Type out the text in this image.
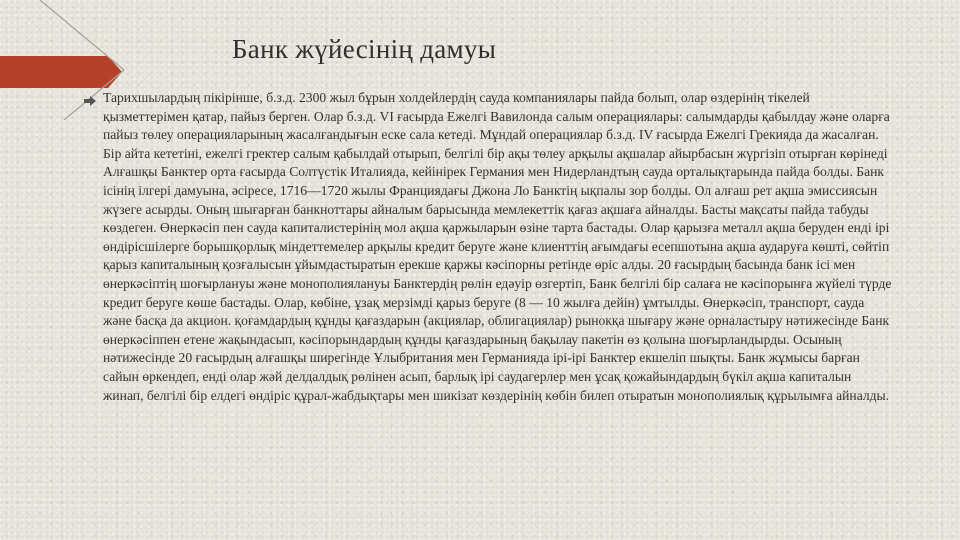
Банк жүйесінің дамуы

Тарихшылардың пікірінше, б.з.д. 2300 жыл бұрын холдейлердің сауда компаниялары пайда болып, олар өздерінің тікелей қызметтерімен қатар, пайыз берген. Олар б.з.д. VI ғасырда Ежелгі Вавилонда салым операциялары: салымдарды қабылдау және оларға пайыз төлеу операцияларының жасалғандығын еске сала кетеді. Мұндай операциялар б.з.д. IV ғасырда Ежелгі Грекияда да жасалған. Бір айта кететіні, ежелгі гректер салым қабылдай отырып, белгілі бір ақы төлеу арқылы ақшалар айырбасын жүргізіп отырған көрінеді Алғашқы Банктер орта ғасырда Солтүстік Италияда, кейінірек Германия мен Нидерландтың сауда орталықтарында пайда болды. Банк ісінің ілгері дамуына, әсіресе, 1716—1720 жылы Франциядағы Джона Ло Банктің ықпалы зор болды. Ол алғаш рет ақша эмиссиясын жүзеге асырды. Оның шығарған банкноттары айналым барысында мемлекеттік қағаз ақшаға айналды. Басты мақсаты пайда табуды көздеген. Өнеркәсіп пен сауда капиталистерінің мол ақша қаржыларын өзіне тарта бастады. Олар қарызға металл ақша беруден енді ірі өндірісшілерге борышқорлық міндеттемелер арқылы кредит беруге және клиенттің ағымдағы есепшотына ақша аударуға көшті, сөйтіп қарыз капиталының қозғалысын ұйымдастыратын ерекше қаржы кәсіпорны ретінде өріс алды. 20 ғасырдың басында банк ісі мен өнеркәсіптің шоғырлануы және монополиялануы Банктердің рөлін едәуір өзгертіп, Банк белгілі бір салаға не кәсіпорынға жүйелі түрде кредит беруге көше бастады. Олар, көбіне, ұзақ мерзімді қарыз беруге (8 — 10 жылға дейін) ұмтылды. Өнеркәсіп, транспорт, сауда және басқа да акцион. қоғамдардың құнды қағаздарын (акциялар, облигациялар) рынокқа шығару және орналастыру нәтижесінде Банк өнеркәсіппен етене жақындасып, кәсіпорындардың құнды қағаздарының бақылау пакетін өз қолына шоғырландырды. Осының нәтижесінде 20 ғасырдың алғашқы ширегінде Ұлыбритания мен Германияда ірі-ірі Банктер екшеліп шықты. Банк жұмысы барған сайын өркендеп, енді олар жәй делдалдық рөлінен асып, барлық ірі саудагерлер мен ұсақ қожайындардың бүкіл ақша капиталын жинап, белгілі бір елдегі өндіріс құрал-жабдықтары мен шикізат көздерінің көбін билеп отыратын монополиялық құрылымға айналды.
